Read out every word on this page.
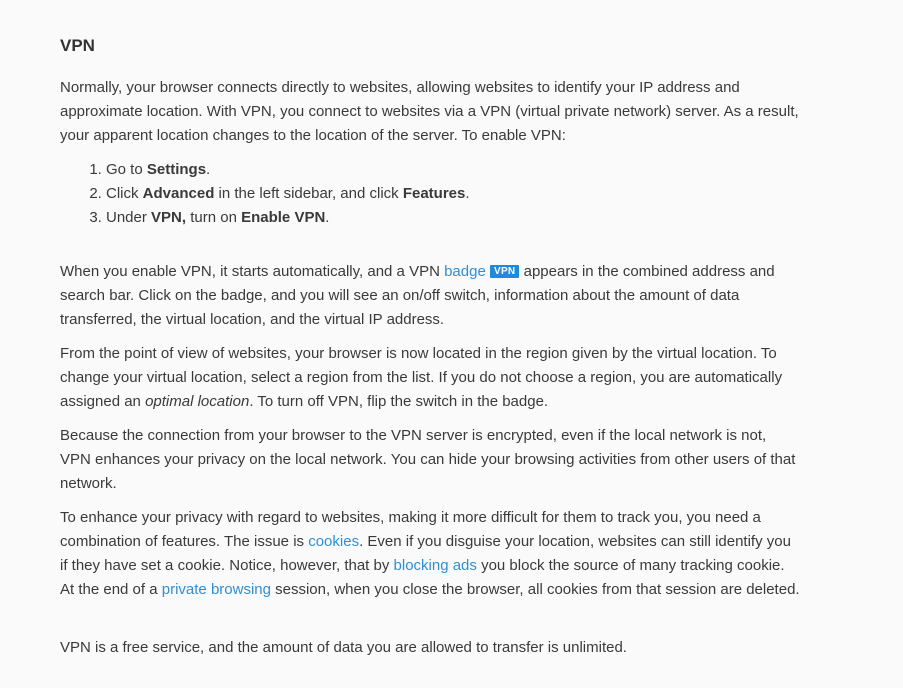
VPN

Normally, your browser connects directly to websites, allowing websites to identify your IP address and approximate location. With VPN, you connect to websites via a VPN (virtual private network) server. As a result, your apparent location changes to the location of the server. To enable VPN:

1. Go to Settings.
2. Click Advanced in the left sidebar, and click Features.
3. Under VPN, turn on Enable VPN.

When you enable VPN, it starts automatically, and a VPN badge VPN appears in the combined address and search bar. Click on the badge, and you will see an on/off switch, information about the amount of data transferred, the virtual location, and the virtual IP address.

From the point of view of websites, your browser is now located in the region given by the virtual location. To change your virtual location, select a region from the list. If you do not choose a region, you are automatically assigned an optimal location. To turn off VPN, flip the switch in the badge.

Because the connection from your browser to the VPN server is encrypted, even if the local network is not, VPN enhances your privacy on the local network. You can hide your browsing activities from other users of that network.

To enhance your privacy with regard to websites, making it more difficult for them to track you, you need a combination of features. The issue is cookies. Even if you disguise your location, websites can still identify you if they have set a cookie. Notice, however, that by blocking ads you block the source of many tracking cookie. At the end of a private browsing session, when you close the browser, all cookies from that session are deleted.

VPN is a free service, and the amount of data you are allowed to transfer is unlimited.
